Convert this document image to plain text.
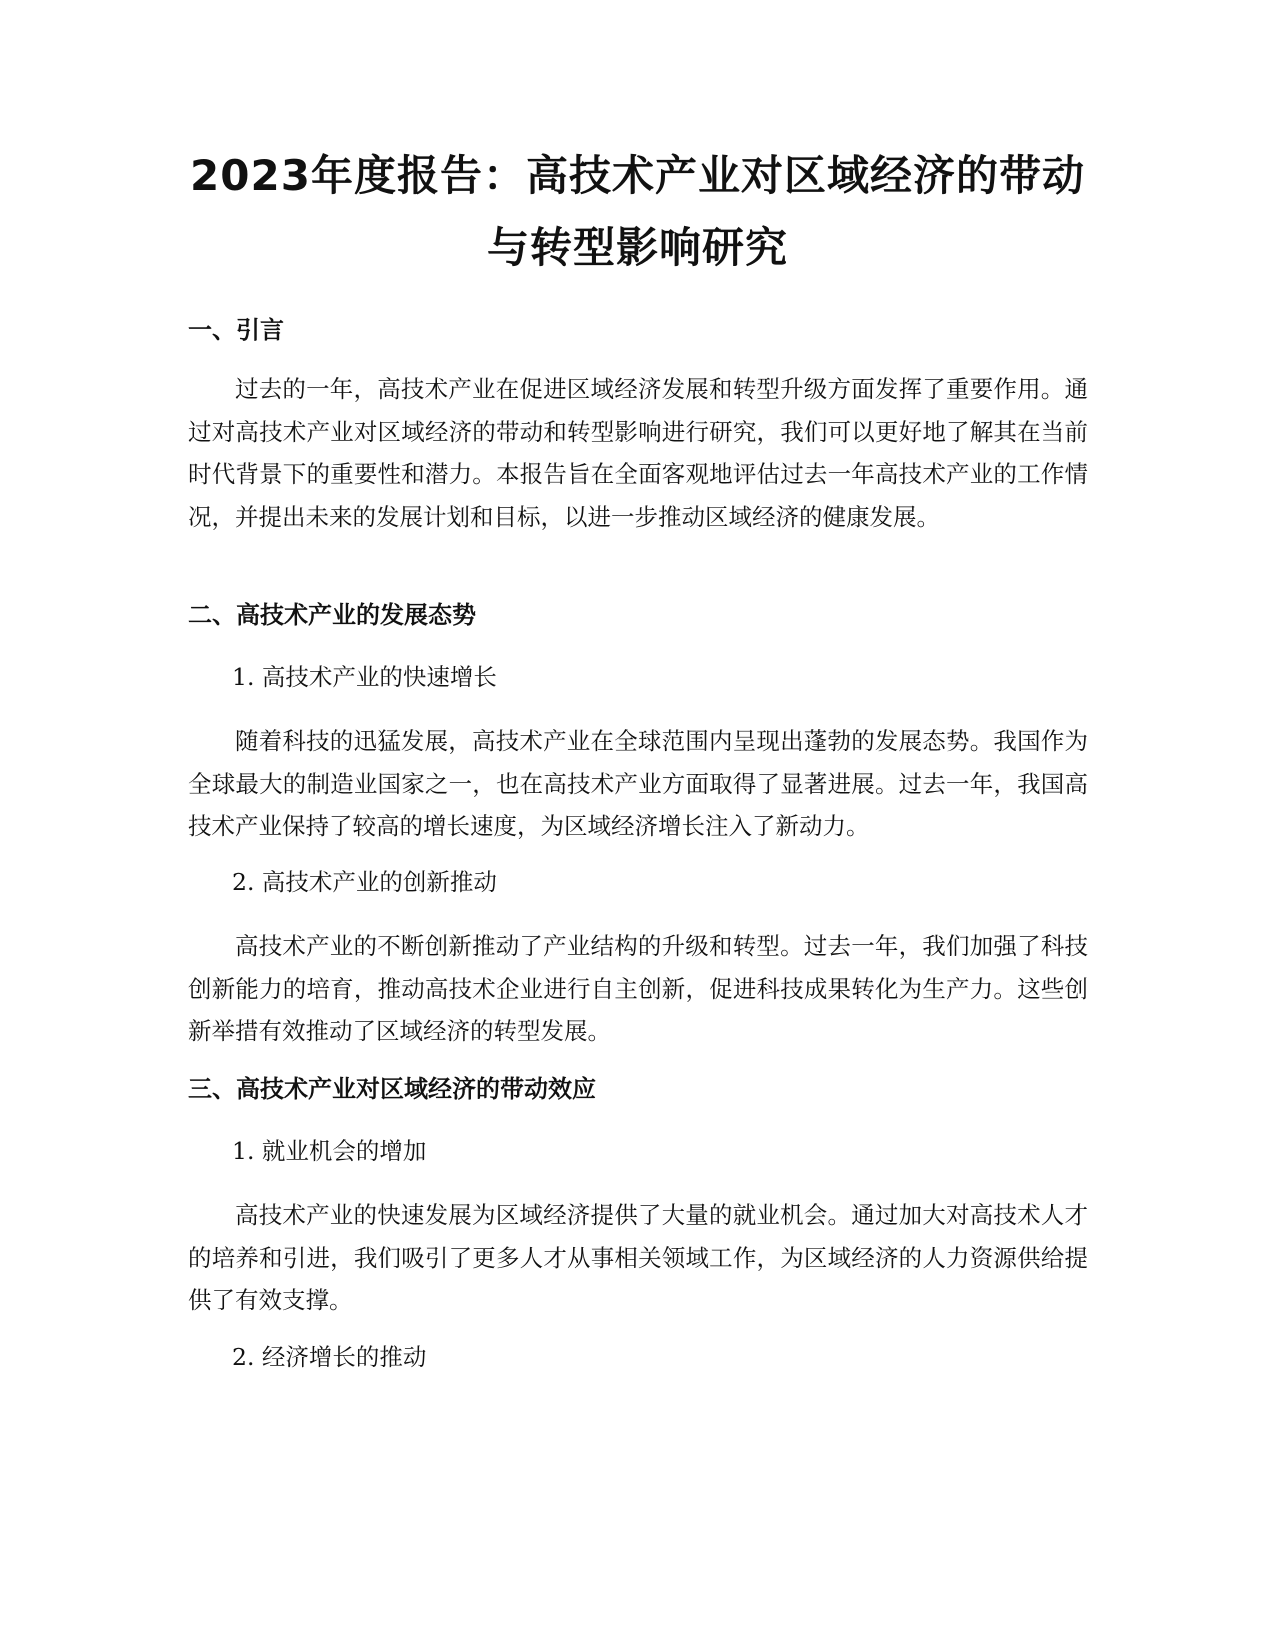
2023年度报告：高技术产业对区域经济的带动与转型影响研究
一、引言

过去的一年，高技术产业在促进区域经济发展和转型升级方面发挥了重要作用。通过对高技术产业对区域经济的带动和转型影响进行研究，我们可以更好地了解其在当前时代背景下的重要性和潜力。本报告旨在全面客观地评估过去一年高技术产业的工作情况，并提出未来的发展计划和目标，以进一步推动区域经济的健康发展。

二、高技术产业的发展态势
1. 高技术产业的快速增长

随着科技的迅猛发展，高技术产业在全球范围内呈现出蓬勃的发展态势。我国作为全球最大的制造业国家之一，也在高技术产业方面取得了显著进展。过去一年，我国高技术产业保持了较高的增长速度，为区域经济增长注入了新动力。

2. 高技术产业的创新推动

高技术产业的不断创新推动了产业结构的升级和转型。过去一年，我们加强了科技创新能力的培育，推动高技术企业进行自主创新，促进科技成果转化为生产力。这些创新举措有效推动了区域经济的转型发展。

三、高技术产业对区域经济的带动效应
1. 就业机会的增加

高技术产业的快速发展为区域经济提供了大量的就业机会。通过加大对高技术人才的培养和引进，我们吸引了更多人才从事相关领域工作，为区域经济的人力资源供给提供了有效支撑。

2. 经济增长的推动
